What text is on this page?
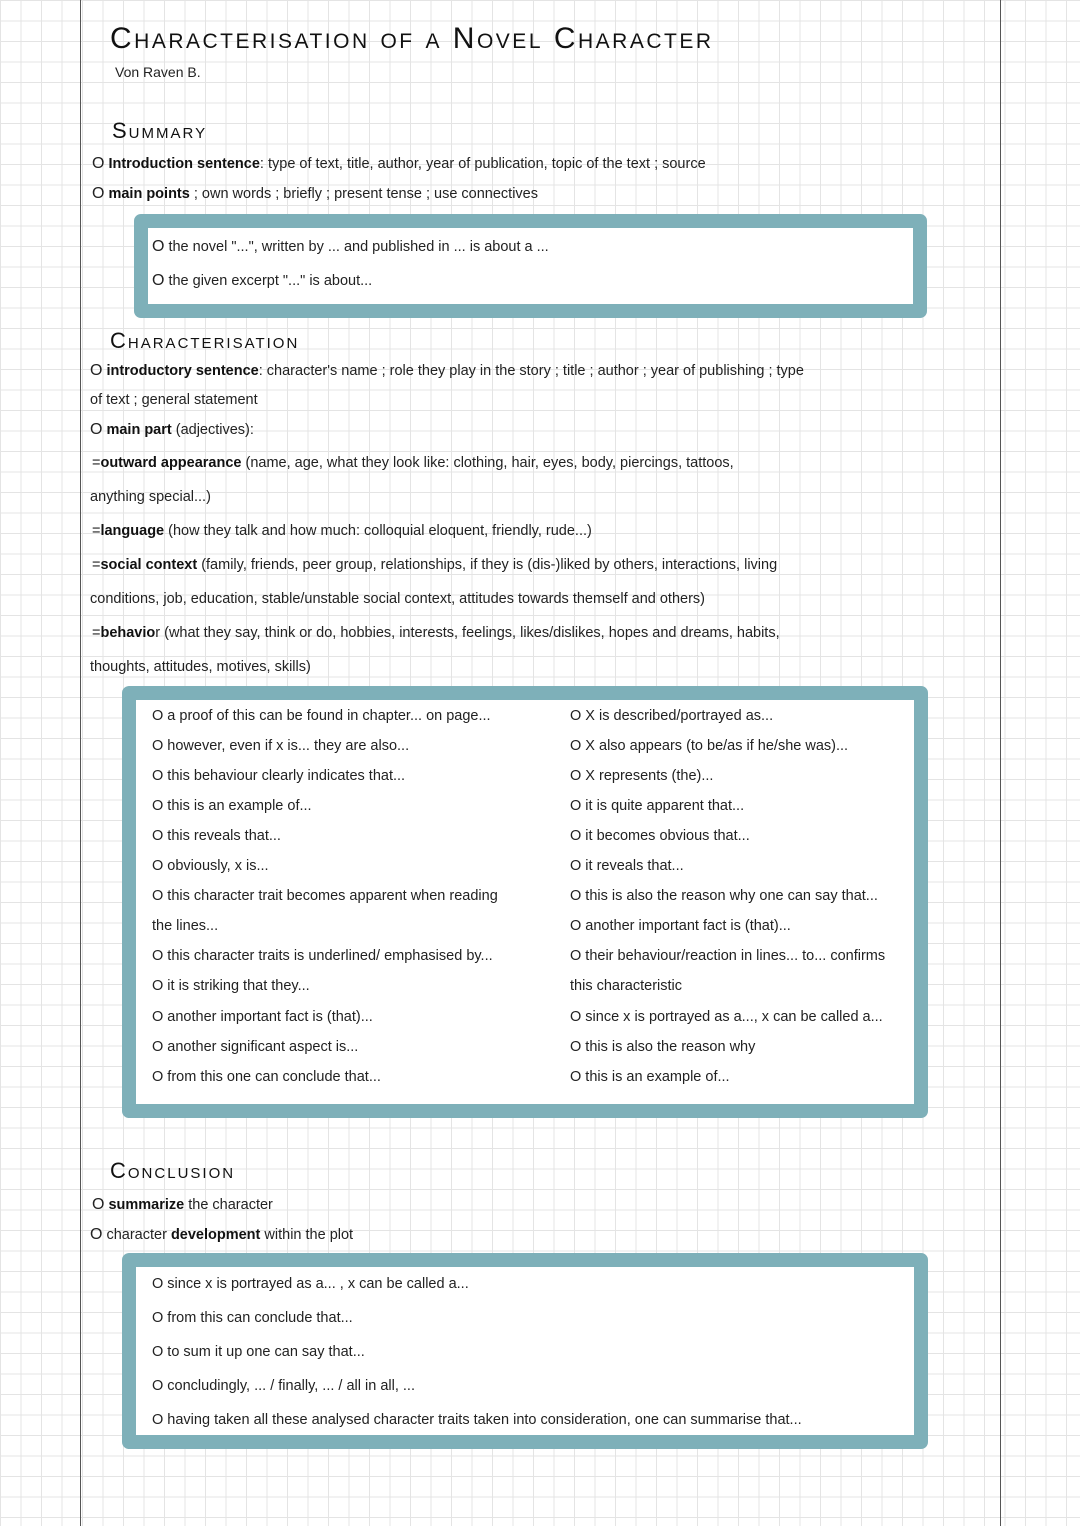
Characterisation of a Novel Character
Von Raven B.
Summary
O Introduction sentence: type of text, title, author, year of publication, topic of the text ; source
O main points ; own words ; briefly ; present tense ; use connectives
O the novel "...", written by ... and published in ... is about a ...
O the given excerpt "..." is about...
Characterisation
O introductory sentence: character's name ; role they play in the story ; title ; author ; year of publishing ; type
of text ; general statement
O main part (adjectives):
=outward appearance (name, age, what they look like: clothing, hair, eyes, body, piercings, tattoos,
anything special...)
=language (how they talk and how much: colloquial eloquent, friendly, rude...)
=social context (family, friends, peer group, relationships, if they is (dis-)liked by others, interactions, living
conditions, job, education, stable/unstable social context, attitudes towards themself and others)
=behavior (what they say, think or do, hobbies, interests, feelings, likes/dislikes, hopes and dreams, habits,
thoughts, attitudes, motives, skills)
O a proof of this can be found in chapter... on page...
O however, even if x is... they are also...
O this behaviour clearly indicates that...
O this is an example of...
O this reveals that...
O obviously, x is...
O this character trait becomes apparent when reading
the lines...
O this character traits is underlined/ emphasised by...
O it is striking that they...
O another important fact is (that)...
O another significant aspect is...
O from this one can conclude that...
O X is described/portrayed as...
O X also appears (to be/as if he/she was)...
O X represents (the)...
O it is quite apparent that...
O it becomes obvious that...
O it reveals that...
O this is also the reason why one can say that...
O another important fact is (that)...
O their behaviour/reaction in lines... to... confirms
this characteristic
O since x is portrayed as a..., x can be called a...
O this is also the reason why
O this is an example of...
Conclusion
O summarize the character
O character development within the plot
O since x is portrayed as a... , x can be called a...
O from this can conclude that...
O to sum it up one can say that...
O concludingly, ... / finally, ... / all in all, ...
O having taken all these analysed character traits taken into consideration, one can summarise that...
